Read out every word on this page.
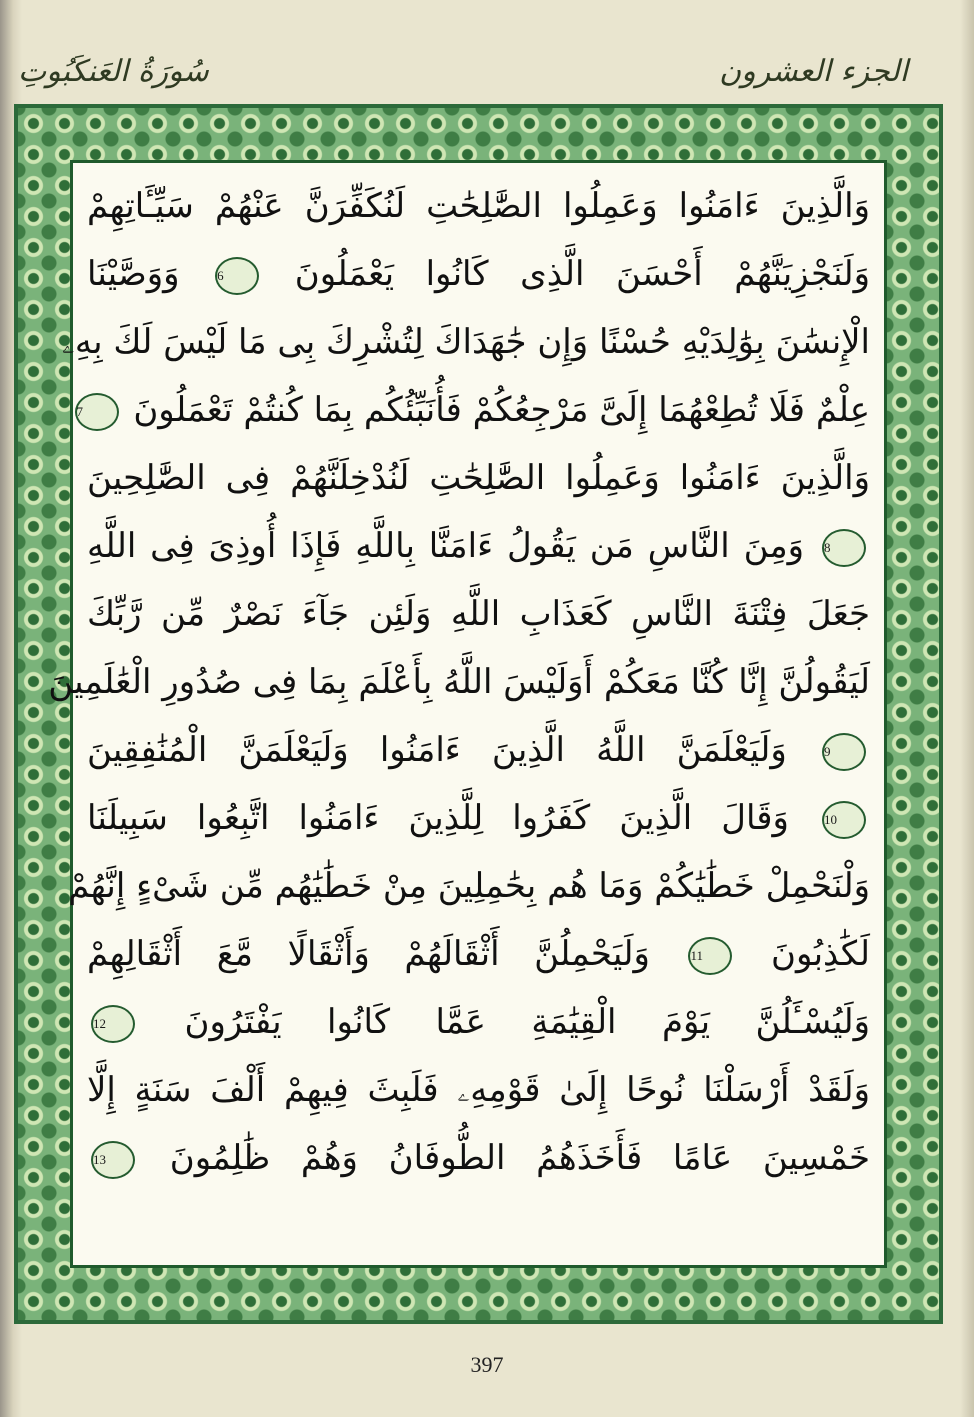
سُورَةُ العَنكَبُوتِ	الجزء العشرون
وَالَّذِينَ ءَامَنُوا وَعَمِلُوا الصَّٰلِحَٰتِ لَنُكَفِّرَنَّ عَنْهُمْ سَيِّـَٔاتِهِمْ
وَلَنَجْزِيَنَّهُمْ أَحْسَنَ الَّذِى كَانُوا يَعْمَلُونَ 6 وَوَصَّيْنَا
الْإِنسَٰنَ بِوَٰلِدَيْهِ حُسْنًا وَإِن جَٰهَدَاكَ لِتُشْرِكَ بِى مَا لَيْسَ لَكَ بِهِۦ
عِلْمٌ فَلَا تُطِعْهُمَا إِلَىَّ مَرْجِعُكُمْ فَأُنَبِّئُكُم بِمَا كُنتُمْ تَعْمَلُونَ 7
وَالَّذِينَ ءَامَنُوا وَعَمِلُوا الصَّٰلِحَٰتِ لَنُدْخِلَنَّهُمْ فِى الصَّٰلِحِينَ
8 وَمِنَ النَّاسِ مَن يَقُولُ ءَامَنَّا بِاللَّهِ فَإِذَا أُوذِىَ فِى اللَّهِ
جَعَلَ فِتْنَةَ النَّاسِ كَعَذَابِ اللَّهِ وَلَئِن جَآءَ نَصْرٌ مِّن رَّبِّكَ
لَيَقُولُنَّ إِنَّا كُنَّا مَعَكُمْ أَوَلَيْسَ اللَّهُ بِأَعْلَمَ بِمَا فِى صُدُورِ الْعَٰلَمِينَ
9 وَلَيَعْلَمَنَّ اللَّهُ الَّذِينَ ءَامَنُوا وَلَيَعْلَمَنَّ الْمُنَٰفِقِينَ
10 وَقَالَ الَّذِينَ كَفَرُوا لِلَّذِينَ ءَامَنُوا اتَّبِعُوا سَبِيلَنَا
وَلْنَحْمِلْ خَطَٰيَٰكُمْ وَمَا هُم بِحَٰمِلِينَ مِنْ خَطَٰيَٰهُم مِّن شَىْءٍ إِنَّهُمْ
لَكَٰذِبُونَ 11 وَلَيَحْمِلُنَّ أَثْقَالَهُمْ وَأَثْقَالًا مَّعَ أَثْقَالِهِمْ
وَلَيُسْـَٔلُنَّ يَوْمَ الْقِيَٰمَةِ عَمَّا كَانُوا يَفْتَرُونَ 12
وَلَقَدْ أَرْسَلْنَا نُوحًا إِلَىٰ قَوْمِهِۦ فَلَبِثَ فِيهِمْ أَلْفَ سَنَةٍ إِلَّا
خَمْسِينَ عَامًا فَأَخَذَهُمُ الطُّوفَانُ وَهُمْ ظَٰلِمُونَ 13
397
